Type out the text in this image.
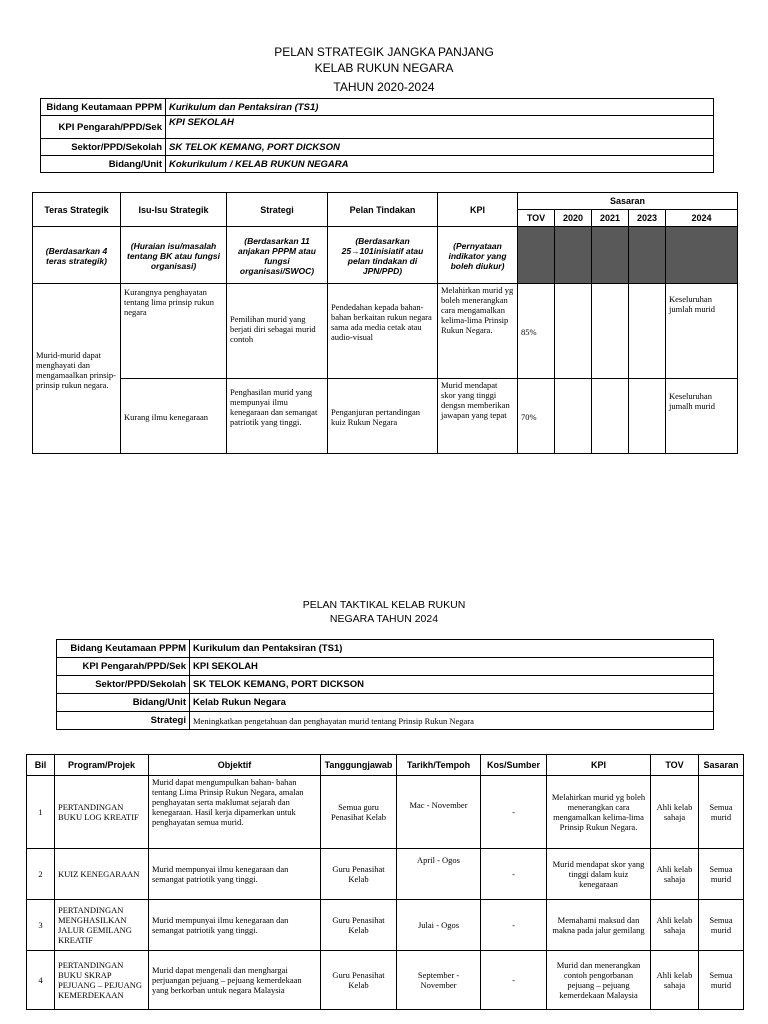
PELAN STRATEGIK JANGKA PANJANG
KELAB RUKUN NEGARA
TAHUN 2020-2024
Bidang Keutamaan PPPM	Kurikulum dan Pentaksiran (TS1)
KPI Pengarah/PPD/Sek	KPI SEKOLAH
Sektor/PPD/Sekolah	SK TELOK KEMANG, PORT DICKSON
Bidang/Unit	Kokurikulum / KELAB RUKUN NEGARA
Teras Strategik	Isu-Isu Strategik	Strategi	Pelan Tindakan	KPI	Sasaran				
					TOV	2020	2021	2023	2024
(Berdasarkan 4 teras strategik)	(Huraian isu/masalah tentang BK atau fungsi organisasi)	(Berdasarkan 11 anjakan PPPM atau fungsi organisasi/SWOC)	(Berdasarkan 25→101inisiatif atau pelan tindakan di JPN/PPD)	(Pernyataan indikator yang boleh diukur)					
Murid-murid dapat menghayati dan mengamaalkan prinsip-prinsip rukun negara.	Kurangnya penghayatan tentang lima prinsip rukun negara	Pemilihan murid yang berjati diri sebagai murid contoh	Pendedahan kepada bahan-bahan berkaitan rukun negara sama ada media cetak atau audio-visual	Melahirkan murid yg boleh menerangkan cara mengamalkan kelima-lima Prinsip Rukun Negara.	85%				Keseluruhan jumlah murid
	Kurang ilmu kenegaraan	Penghasilan murid yang mempunyai ilmu kenegaraan dan semangat patriotik yang tinggi.	Penganjuran pertandingan kuiz Rukun Negara	Murid mendapat skor yang tinggi dengsn memberikan jawapan yang tepat	70%				Keseluruhan jumalh murid
PELAN TAKTIKAL KELAB RUKUN
NEGARA TAHUN 2024
Bidang Keutamaan PPPM	Kurikulum dan Pentaksiran (TS1)
KPI Pengarah/PPD/Sek	KPI SEKOLAH
Sektor/PPD/Sekolah	SK TELOK KEMANG, PORT DICKSON
Bidang/Unit	Kelab Rukun Negara
Strategi	Meningkatkan pengetahuan dan penghayatan murid tentang Prinsip Rukun Negara
Bil	Program/Projek	Objektif	Tanggungjawab	Tarikh/Tempoh	Kos/Sumber	KPI	TOV	Sasaran
1	PERTANDINGAN BUKU LOG KREATIF	Murid dapat mengumpulkan bahan- bahan tentang Lima Prinsip Rukun Negara, amalan penghayatan serta maklumat sejarah dan kenegaraan. Hasil kerja dipamerkan untuk penghayatan semua murid.	Semua guru Penasihat Kelab	Mac - November	-	Melahirkan murid yg boleh menerangkan cara mengamalkan kelima-lima Prinsip Rukun Negara.	Ahli kelab sahaja	Semua murid
2	KUIZ KENEGARAAN	Murid mempunyai ilmu kenegaraan dan semangat patriotik yang tinggi.	Guru Penasihat Kelab	April - Ogos	-	Murid mendapat skor yang tinggi dalam kuiz kenegaraan	Ahli kelab sahaja	Semua murid
3	PERTANDINGAN MENGHASILKAN JALUR GEMILANG KREATIF	Murid mempunyai ilmu kenegaraan dan semangat patriotik yang tinggi.	Guru Penasihat Kelab	Julai - Ogos	-	Memahami maksud dan makna pada jalur gemilang	Ahli kelab sahaja	Semua murid
4	PERTANDINGAN BUKU SKRAP PEJUANG – PEJUANG KEMERDEKAAN	Murid dapat mengenali dan menghargai perjuangan pejuang – pejuang kemerdekaan yang berkorban untuk negara Malaysia	Guru Penasihat Kelab	September - November	-	Murid dan menerangkan contoh pengorbanan pejuang – pejuang kemerdekaan Malaysia	Ahli kelab sahaja	Semua murid
